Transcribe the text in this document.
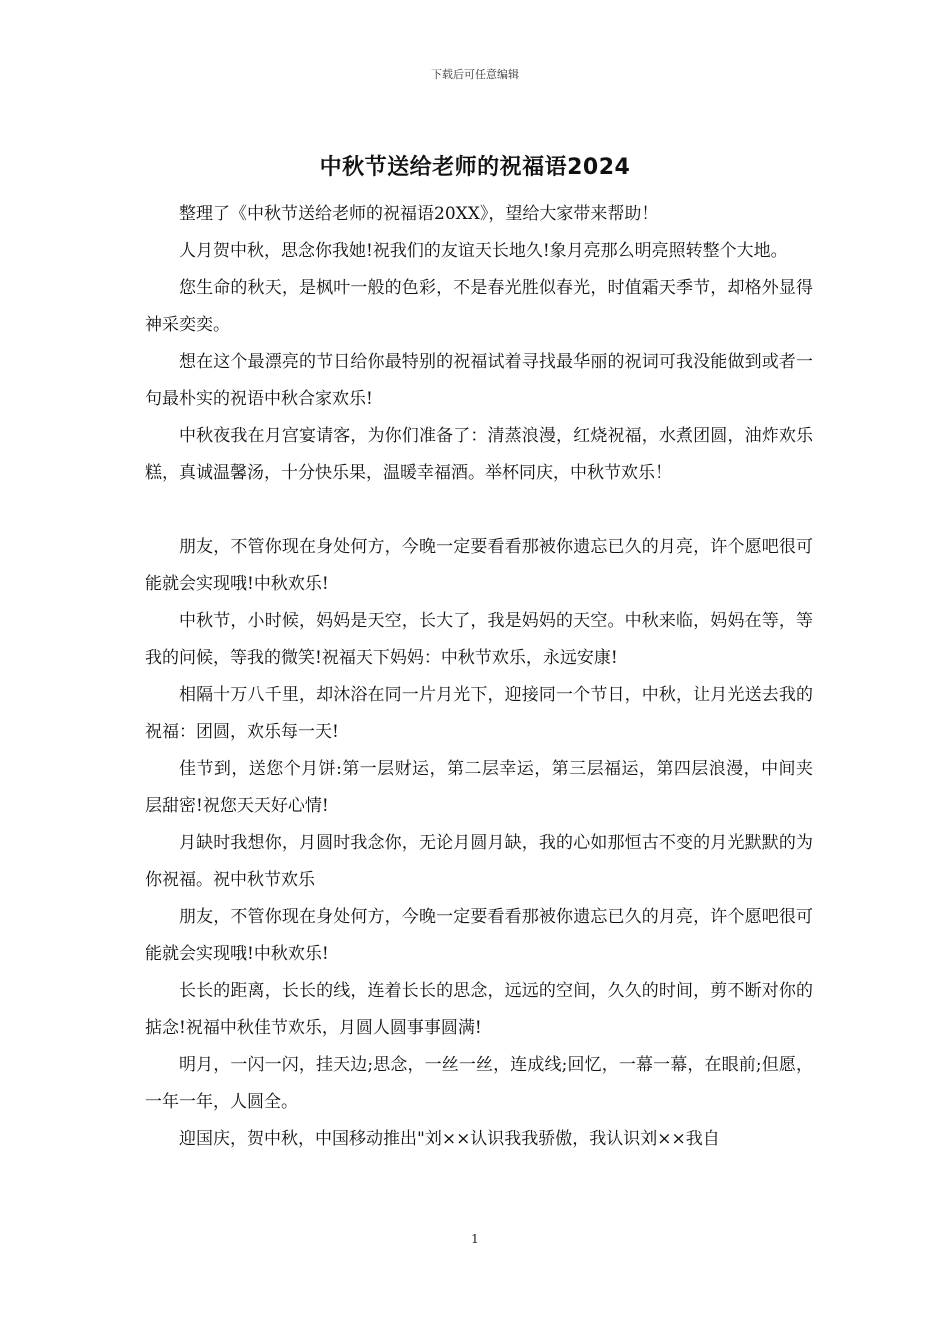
下载后可任意编辑
中秋节送给老师的祝福语2024

整理了《中秋节送给老师的祝福语20XX》，望给大家带来帮助！

人月贺中秋，思念你我她!祝我们的友谊天长地久!象月亮那么明亮照转整个大地。

您生命的秋天，是枫叶一般的色彩，不是春光胜似春光，时值霜天季节，却格外显得神采奕奕。

想在这个最漂亮的节日给你最特别的祝福试着寻找最华丽的祝词可我没能做到或者一句最朴实的祝语中秋合家欢乐!

中秋夜我在月宫宴请客，为你们准备了：清蒸浪漫，红烧祝福，水煮团圆，油炸欢乐糕，真诚温馨汤，十分快乐果，温暖幸福酒。举杯同庆，中秋节欢乐！

朋友，不管你现在身处何方，今晚一定要看看那被你遗忘已久的月亮，许个愿吧很可能就会实现哦!中秋欢乐!

中秋节，小时候，妈妈是天空，长大了，我是妈妈的天空。中秋来临，妈妈在等，等我的问候，等我的微笑!祝福天下妈妈：中秋节欢乐，永远安康!

相隔十万八千里，却沐浴在同一片月光下，迎接同一个节日，中秋，让月光送去我的祝福：团圆，欢乐每一天!

佳节到，送您个月饼:第一层财运，第二层幸运，第三层福运，第四层浪漫，中间夹层甜密!祝您天天好心情!

月缺时我想你，月圆时我念你，无论月圆月缺，我的心如那恒古不变的月光默默的为你祝福。祝中秋节欢乐

朋友，不管你现在身处何方，今晚一定要看看那被你遗忘已久的月亮，许个愿吧很可能就会实现哦!中秋欢乐!

长长的距离，长长的线，连着长长的思念，远远的空间，久久的时间，剪不断对你的掂念!祝福中秋佳节欢乐，月圆人圆事事圆满!

明月，一闪一闪，挂天边;思念，一丝一丝，连成线;回忆，一幕一幕，在眼前;但愿，一年一年，人圆全。

迎国庆，贺中秋，中国移动推出"刘××认识我我骄傲，我认识刘××我自

1
